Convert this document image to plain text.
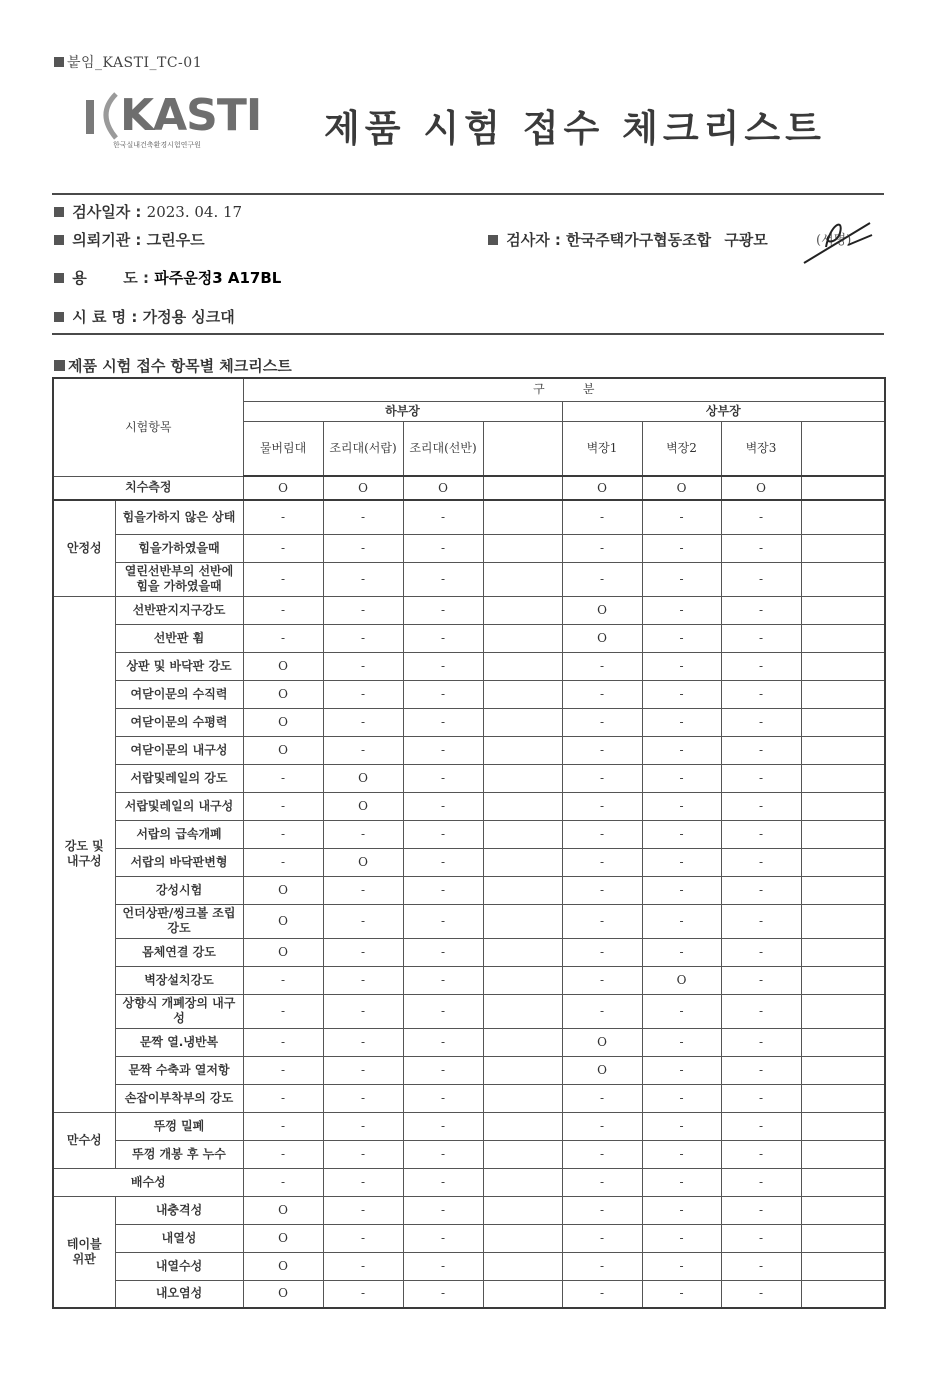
붙임_KASTI_TC-01
KASTI
한국실내건축환경시험연구원	제품 시험 접수 체크리스트
검사일자 : 2023. 04. 17
의뢰기관 : 그린우드	검사자 : 한국주택가구협동조합 구광모	(서명)
용       도 : 파주운정3 A17BL
시 료 명 : 가정용 싱크대
제품 시험 접수 항목별 체크리스트
시험항목		구          분							
		하부장				상부장			
		물버림대	조리대(서랍)	조리대(선반)		벽장1	벽장2	벽장3	
치수측정		O	O	O		O	O	O	

안정성	힘을가하지 않은 상태	-	-	-		-	-	-	
	힘을가하였을때	-	-	-		-	-	-	
	열린선반부의 선반에 힘을 가하였을때	-	-	-		-	-	-	

강도 및
내구성	선반판지지구강도	-	-	-		O	-	-	
	선반판 휨	-	-	-		O	-	-	
	상판 및 바닥판 강도	O	-	-		-	-	-	
	여닫이문의 수직력	O	-	-		-	-	-	
	여닫이문의 수평력	O	-	-		-	-	-	
	여닫이문의 내구성	O	-	-		-	-	-	
	서랍및레일의 강도	-	O	-		-	-	-	
	서랍및레일의 내구성	-	O	-		-	-	-	
	서랍의 급속개폐	-	-	-		-	-	-	
	서랍의 바닥판변형	-	O	-		-	-	-	
	강성시험	O	-	-		-	-	-	
	언더상판/씽크볼 조립강도	O	-	-		-	-	-	
	몸체연결 강도	O	-	-		-	-	-	
	벽장설치강도	-	-	-		-	O	-	
	상향식 개폐장의 내구성	-	-	-		-	-	-	
	문짝 열.냉반복	-	-	-		O	-	-	
	문짝 수축과 열저항	-	-	-		O	-	-	
	손잡이부착부의 강도	-	-	-		-	-	-	

만수성	뚜껑 밀폐	-	-	-		-	-	-	
	뚜껑 개봉 후 누수	-	-	-		-	-	-	
배수성		-	-	-		-	-	-	

테이블
위판	내충격성	O	-	-		-	-	-	
	내열성	O	-	-		-	-	-	
	내열수성	O	-	-		-	-	-	
	내오염성	O	-	-		-	-	-	
